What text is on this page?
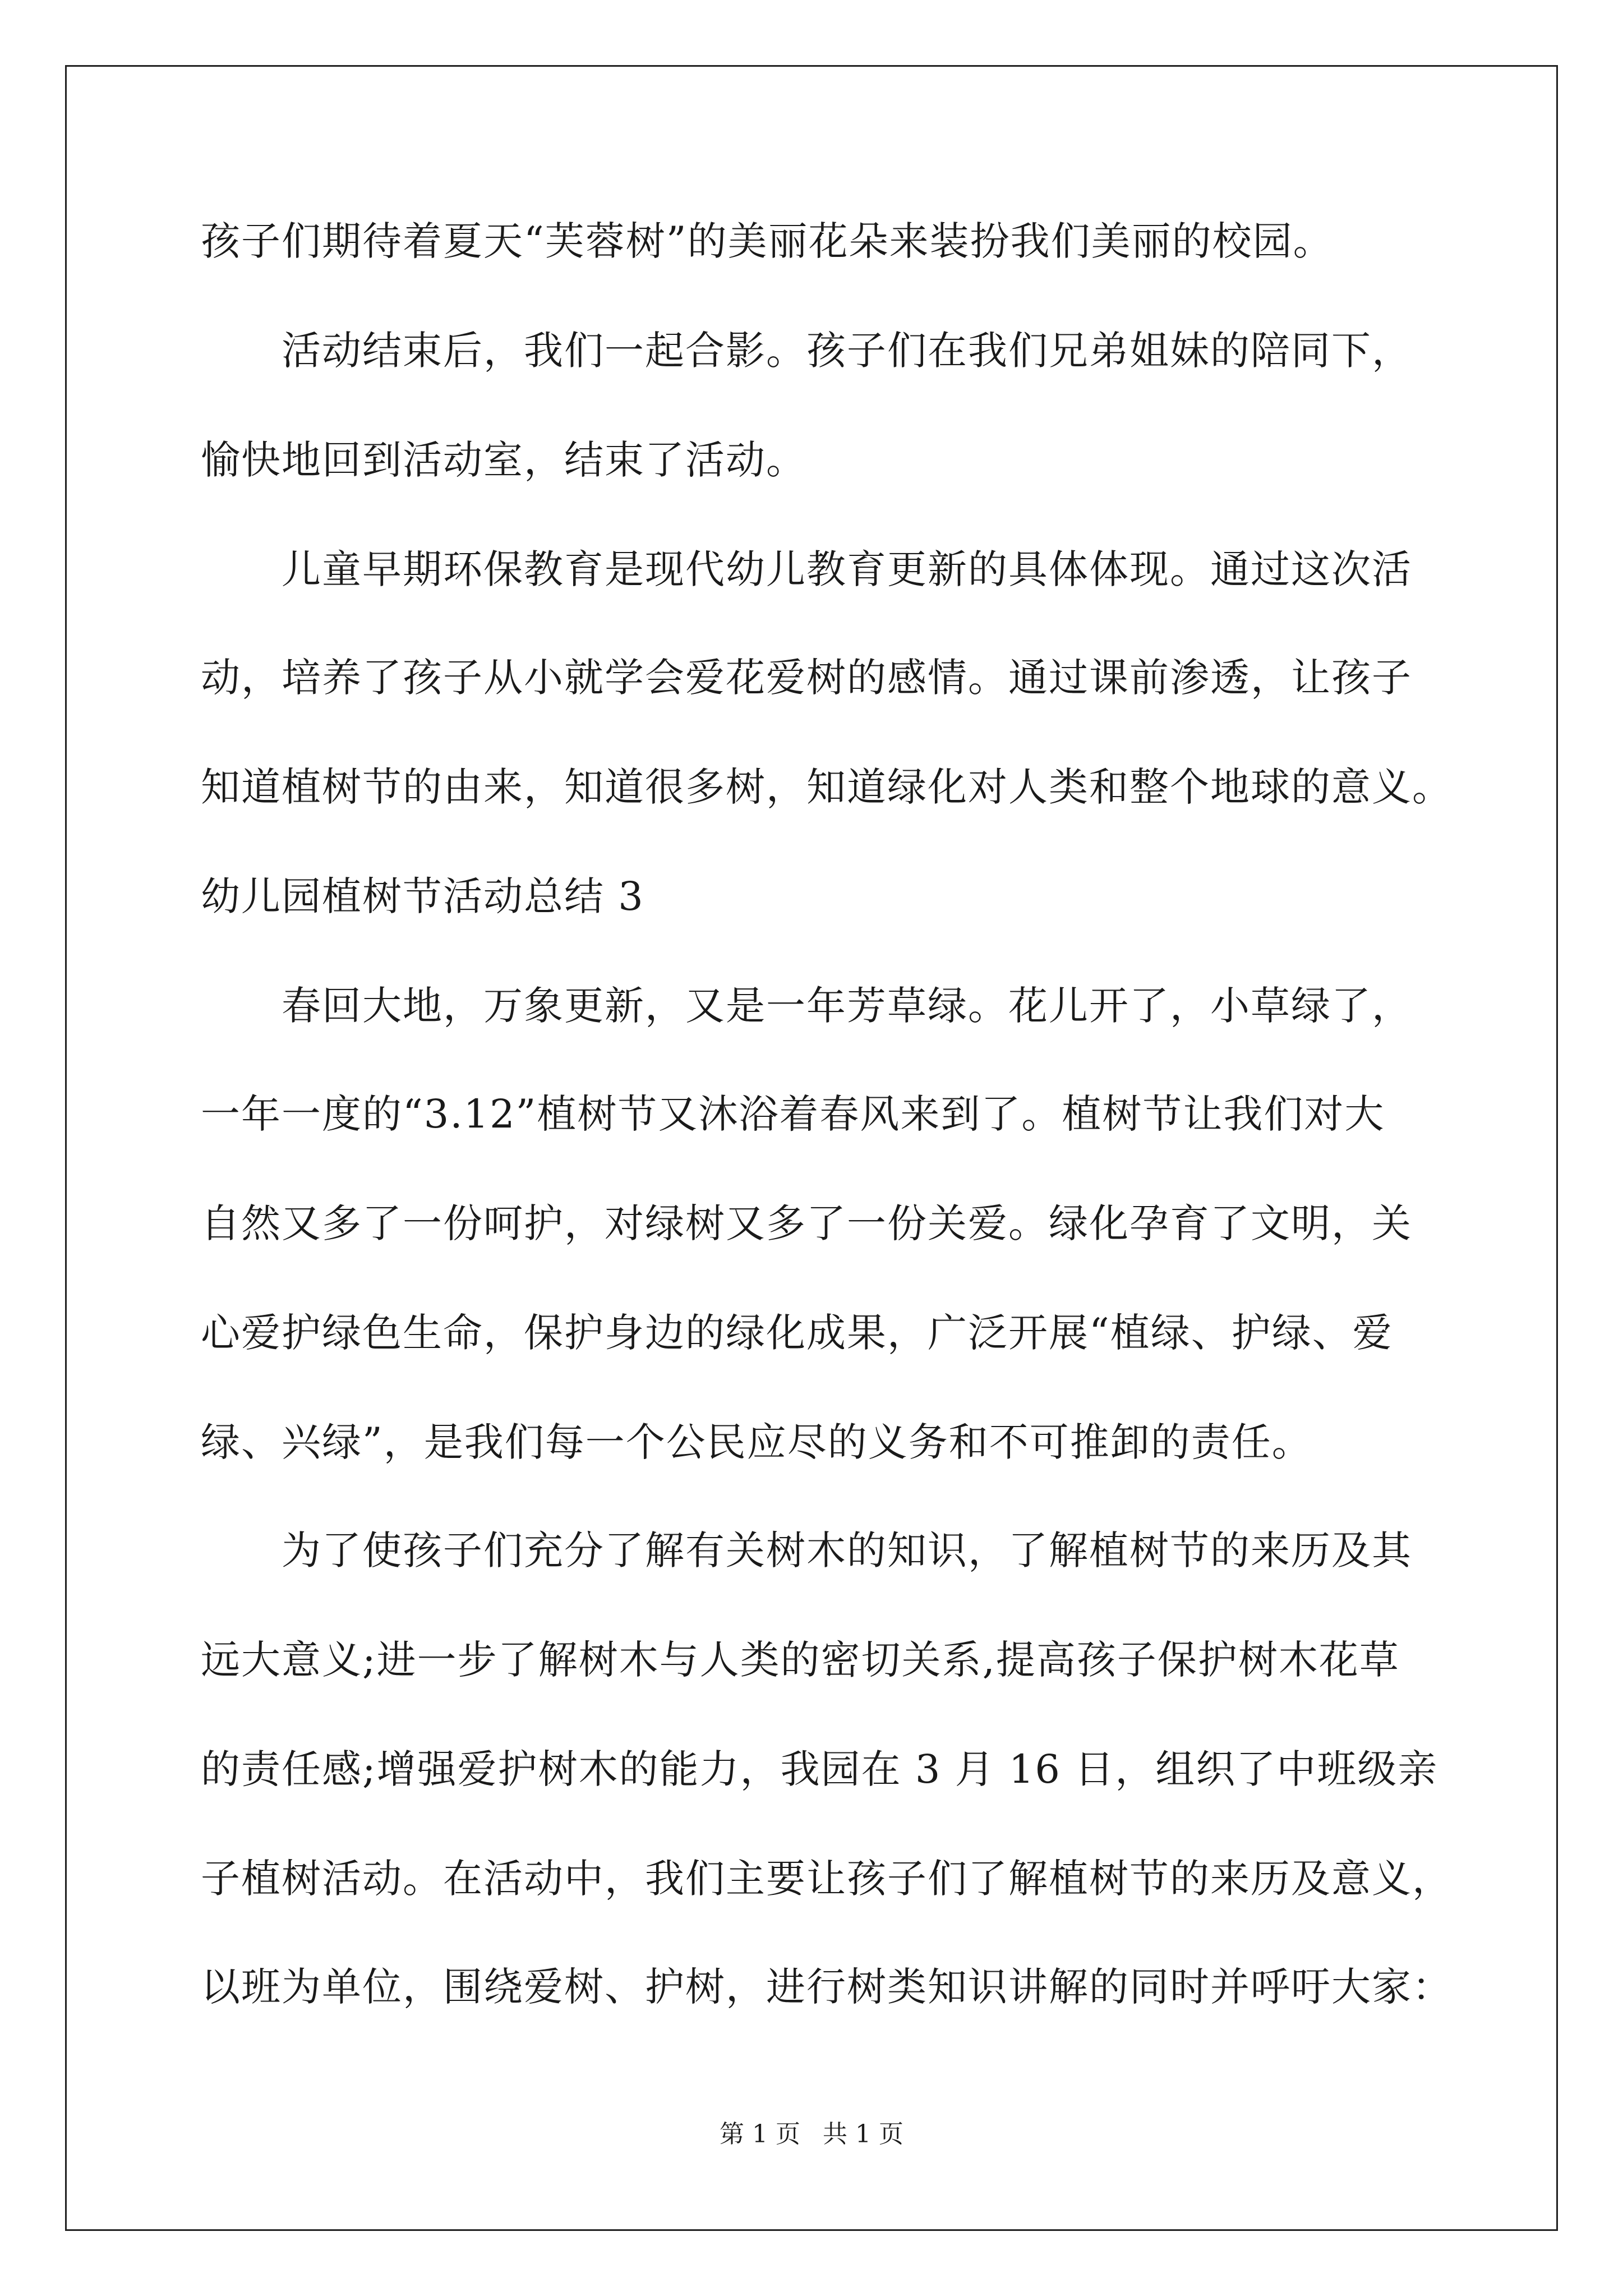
孩子们期待着夏天“芙蓉树”的美丽花朵来装扮我们美丽的校园。
活动结束后，我们一起合影。孩子们在我们兄弟姐妹的陪同下，
愉快地回到活动室，结束了活动。
儿童早期环保教育是现代幼儿教育更新的具体体现。通过这次活
动，培养了孩子从小就学会爱花爱树的感情。通过课前渗透，让孩子
知道植树节的由来，知道很多树，知道绿化对人类和整个地球的意义。
幼儿园植树节活动总结 3
春回大地，万象更新，又是一年芳草绿。花儿开了，小草绿了，
一年一度的“3.12”植树节又沐浴着春风来到了。植树节让我们对大
自然又多了一份呵护，对绿树又多了一份关爱。绿化孕育了文明，关
心爱护绿色生命，保护身边的绿化成果，广泛开展“植绿、护绿、爱
绿、兴绿”，是我们每一个公民应尽的义务和不可推卸的责任。
为了使孩子们充分了解有关树木的知识，了解植树节的来历及其
远大意义;进一步了解树木与人类的密切关系,提高孩子保护树木花草
的责任感;增强爱护树木的能力，我园在 3 月 16 日，组织了中班级亲
子植树活动。在活动中，我们主要让孩子们了解植树节的来历及意义，
以班为单位，围绕爱树、护树，进行树类知识讲解的同时并呼吁大家：
第 1 页 共 1 页
